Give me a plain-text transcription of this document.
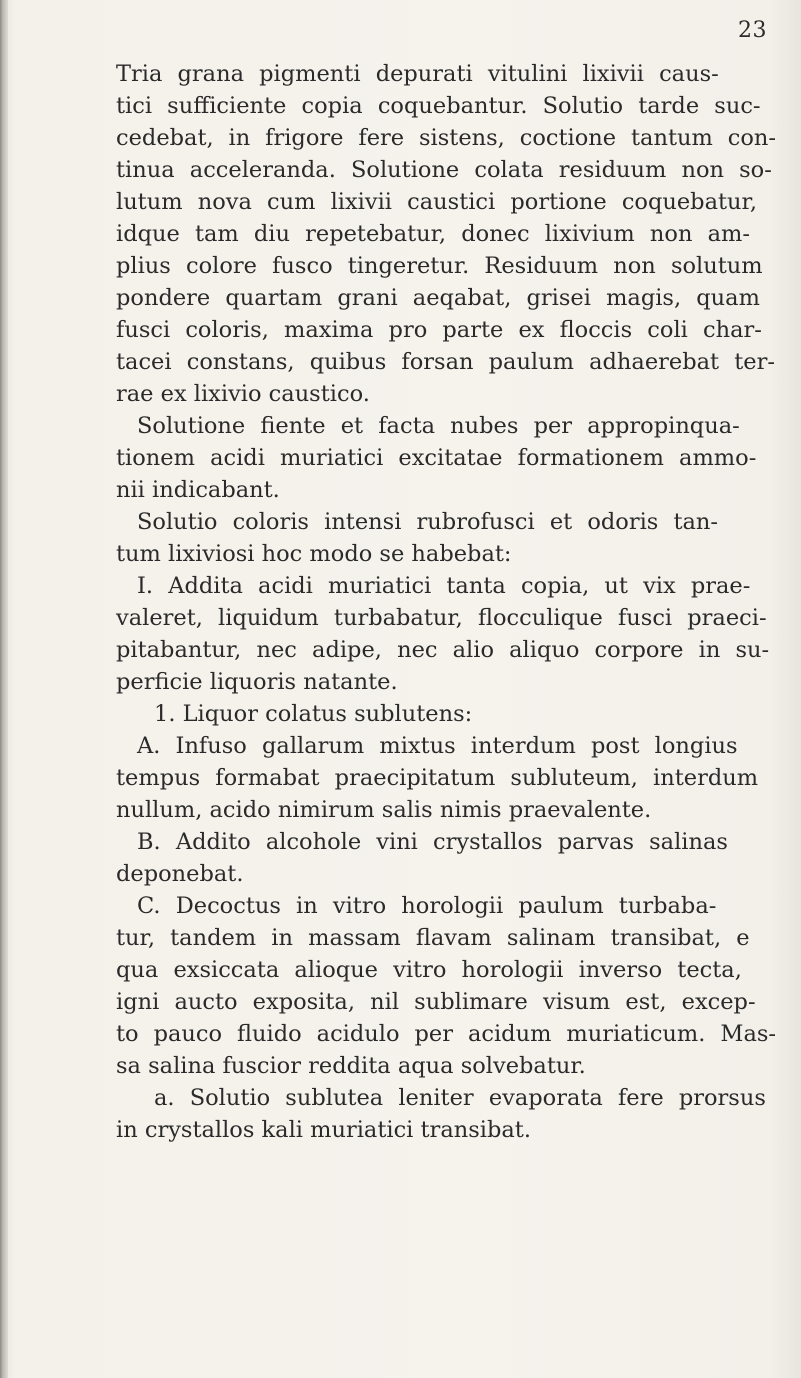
23
Tria grana pigmenti depurati vitulini lixivii caus-
tici sufficiente copia coquebantur. Solutio tarde suc-
cedebat, in frigore fere sistens, coctione tantum con-
tinua acceleranda. Solutione colata residuum non so-
lutum nova cum lixivii caustici portione coquebatur,
idque tam diu repetebatur, donec lixivium non am-
plius colore fusco tingeretur. Residuum non solutum
pondere quartam grani aeqabat, grisei magis, quam
fusci coloris, maxima pro parte ex floccis coli char-
tacei constans, quibus forsan paulum adhaerebat ter-
rae ex lixivio caustico.
Solutione fiente et facta nubes per appropinqua-
tionem acidi muriatici excitatae formationem ammo-
nii indicabant.
Solutio coloris intensi rubrofusci et odoris tan-
tum lixiviosi hoc modo se habebat:
I. Addita acidi muriatici tanta copia, ut vix prae-
valeret, liquidum turbabatur, flocculique fusci praeci-
pitabantur, nec adipe, nec alio aliquo corpore in su-
perficie liquoris natante.
1. Liquor colatus sublutens:
A. Infuso gallarum mixtus interdum post longius
tempus formabat praecipitatum subluteum, interdum
nullum, acido nimirum salis nimis praevalente.
B. Addito alcohole vini crystallos parvas salinas
deponebat.
C. Decoctus in vitro horologii paulum turbaba-
tur, tandem in massam flavam salinam transibat, e
qua exsiccata alioque vitro horologii inverso tecta,
igni aucto exposita, nil sublimare visum est, excep-
to pauco fluido acidulo per acidum muriaticum. Mas-
sa salina fuscior reddita aqua solvebatur.
a. Solutio sublutea leniter evaporata fere prorsus
in crystallos kali muriatici transibat.
